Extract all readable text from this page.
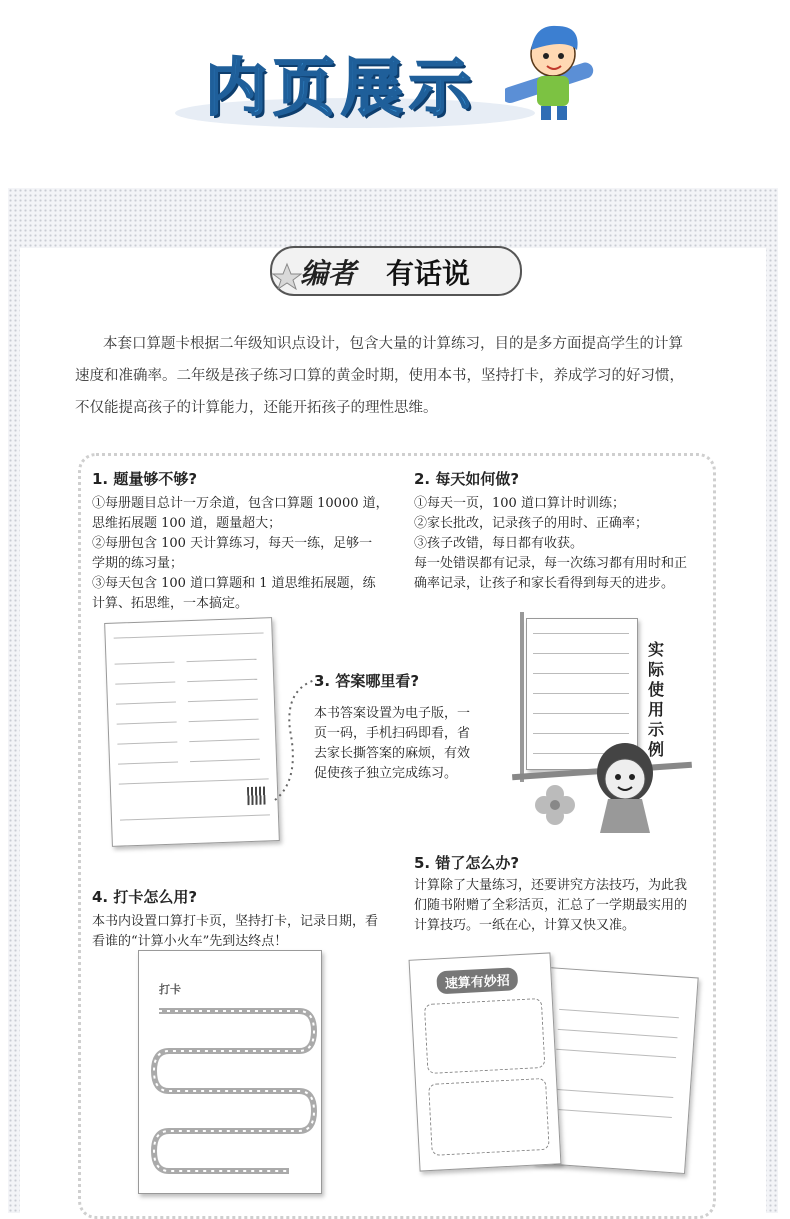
内页展示
编者 有话说
本套口算题卡根据二年级知识点设计，包含大量的计算练习，目的是多方面提高学生的计算
速度和准确率。二年级是孩子练习口算的黄金时期，使用本书，坚持打卡，养成学习的好习惯，
不仅能提高孩子的计算能力，还能开拓孩子的理性思维。
1. 题量够不够?
①每册题目总计一万余道，包含口算题 10000 道，
思维拓展题 100 道，题量超大；
②每册包含 100 天计算练习，每天一练，足够一
学期的练习量；
③每天包含 100 道口算题和 1 道思维拓展题，练
计算、拓思维，一本搞定。
2. 每天如何做?
①每天一页，100 道口算计时训练；
②家长批改，记录孩子的用时、正确率；
③孩子改错，每日都有收获。
每一处错误都有记录，每一次练习都有用时和正
确率记录，让孩子和家长看得到每天的进步。
3. 答案哪里看?
本书答案设置为电子版，一
页一码，手机扫码即看，省
去家长撕答案的麻烦，有效
促使孩子独立完成练习。
实
际
使
用
示
例
5. 错了怎么办?
计算除了大量练习，还要讲究方法技巧，为此我
们随书附赠了全彩活页，汇总了一学期最实用的
计算技巧。一纸在心，计算又快又准。
4. 打卡怎么用?
本书内设置口算打卡页，坚持打卡，记录日期，看
看谁的“计算小火车”先到达终点！
打卡	速算有妙招
